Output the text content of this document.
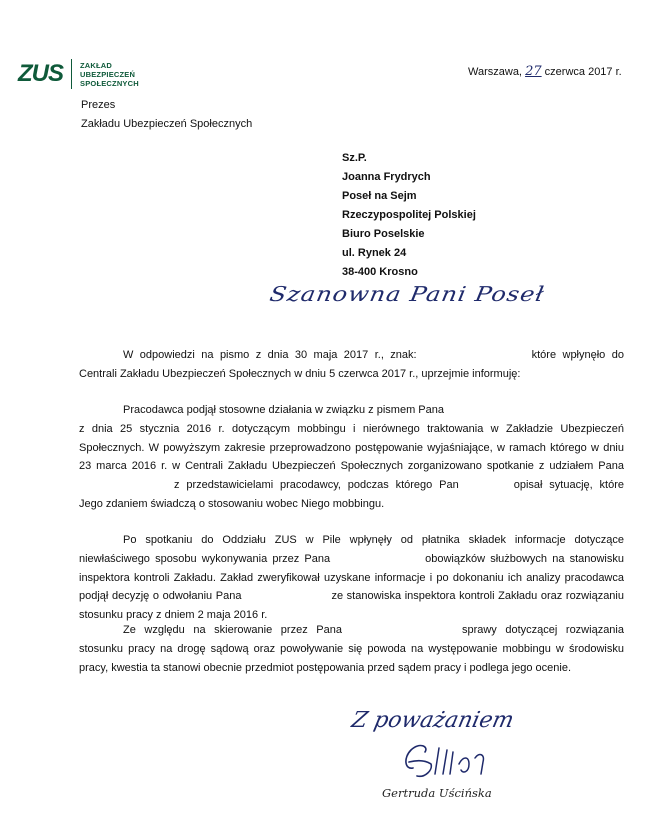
ZUS ZAKŁAD
UBEZPIECZEŃ
SPOŁECZNYCH
Prezes
Zakładu Ubezpieczeń Społecznych
Warszawa, 27 czerwca 2017 r.
Sz.P.
Joanna Frydrych
Poseł na Sejm
Rzeczypospolitej Polskiej
Biuro Poselskie
ul. Rynek 24
38-400 Krosno
Szanowna Pani Poseł
W odpowiedzi na pismo z dnia 30 maja 2017 r., znak:	które wpłynęło do Centrali Zakładu Ubezpieczeń Społecznych w dniu 5 czerwca 2017 r., uprzejmie informuję:
Pracodawca podjął stosowne działania w związku z pismem Pana
z dnia 25 stycznia 2016 r. dotyczącym mobbingu i nierównego traktowania w Zakładzie Ubezpieczeń Społecznych. W powyższym zakresie przeprowadzono postępowanie wyjaśniające, w ramach którego w dniu 23 marca 2016 r. w Centrali Zakładu Ubezpieczeń Społecznych zorganizowano spotkanie z udziałem Panaz przedstawicielami pracodawcy, podczas którego Pan	opisał sytuację, które Jego zdaniem świadczą o stosowaniu wobec Niego mobbingu.
Po spotkaniu do Oddziału ZUS w Pile wpłynęły od płatnika składek informacje dotyczące niewłaściwego sposobu wykonywania przez Pana	obowiązków służbowych na stanowisku inspektora kontroli Zakładu. Zakład zweryfikował uzyskane informacje i po dokonaniu ich analizy pracodawca podjął decyzję o odwołaniu Pana	ze stanowiska inspektora kontroli Zakładu oraz rozwiązaniu stosunku pracy z dniem 2 maja 2016 r.
Ze względu na skierowanie przez Pana	sprawy dotyczącej rozwiązania stosunku pracy na drogę sądową oraz powoływanie się powoda na występowanie mobbingu w środowisku pracy, kwestia ta stanowi obecnie przedmiot postępowania przed sądem pracy i podlega jego ocenie.
Z poważaniem
Gertruda Uścińska
